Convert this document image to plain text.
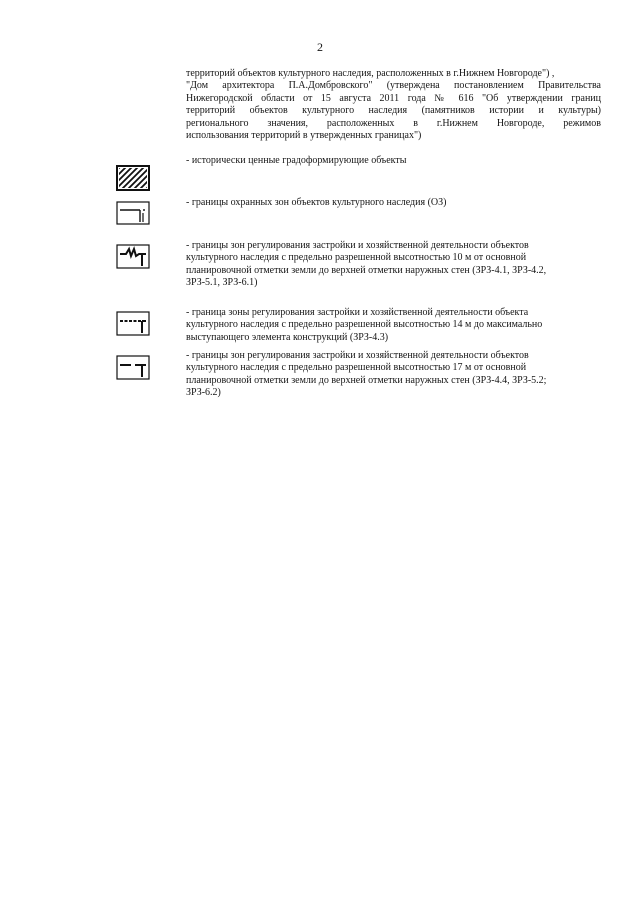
2
территорий объектов культурного наследия, расположенных в г.Нижнем Новгороде") ,
"Дом архитектора П.А.Домбровского" (утверждена постановлением Правительства
Нижегородской области от 15 августа 2011 года № 616 "Об утверждении границ
территорий объектов культурного наследия (памятников истории и культуры)
регионального значения, расположенных в г.Нижнем Новгороде, режимов
использования территорий в утвержденных границах")
- исторически ценные градоформирующие объекты
- границы охранных зон объектов культурного наследия (ОЗ)
- границы зон регулирования застройки и хозяйственной деятельности объектов
культурного наследия с предельно разрешенной высотностью 10 м от основной
планировочной отметки земли до верхней отметки наружных стен (ЗРЗ-4.1, ЗРЗ-4.2,
ЗРЗ-5.1, ЗРЗ-6.1)
- граница зоны регулирования застройки и хозяйственной деятельности объекта
культурного наследия с предельно разрешенной высотностью 14 м до максимально
выступающего элемента конструкций (ЗРЗ-4.3)
- границы зон регулирования застройки и хозяйственной деятельности объектов
культурного наследия с предельно разрешенной высотностью 17 м от основной
планировочной отметки земли до верхней отметки наружных стен (ЗРЗ-4.4, ЗРЗ-5.2;
ЗРЗ-6.2)
